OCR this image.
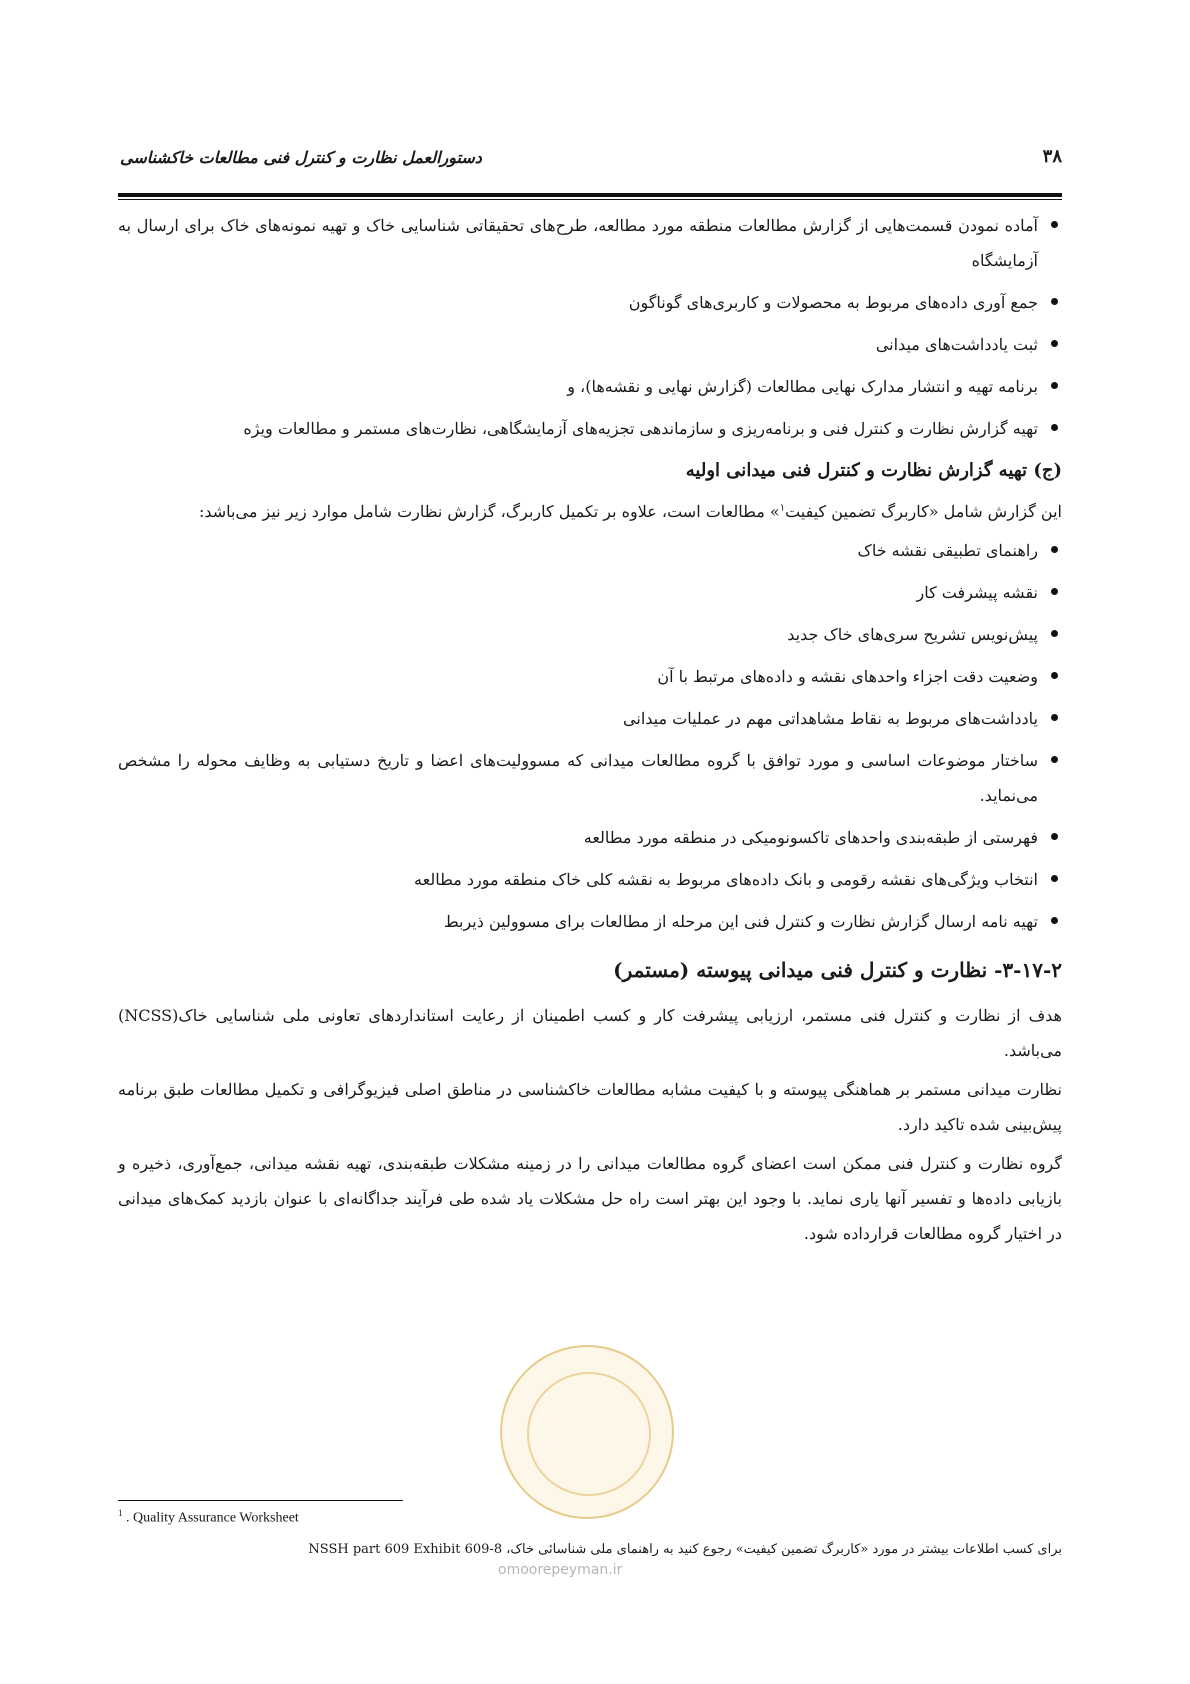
۳۸
دستورالعمل نظارت و کنترل فنی مطالعات خاکشناسی
آماده نمودن قسمت‌هایی از گزارش مطالعات منطقه مورد مطالعه، طرح‌های تحقیقاتی شناسایی خاک و تهیه نمونه‌های خاک برای ارسال به آزمایشگاه
جمع آوری داده‌های مربوط به محصولات و کاربری‌های گوناگون
ثبت یادداشت‌های میدانی
برنامه تهیه و انتشار مدارک نهایی مطالعات (گزارش نهایی و نقشه‌ها)، و
تهیه گزارش نظارت و کنترل فنی و برنامه‌ریزی و سازماندهی تجزیه‌های آزمایشگاهی، نظارت‌های مستمر و مطالعات ویژه
(ج) تهیه گزارش نظارت و کنترل فنی میدانی اولیه

این گزارش شامل «کاربرگ تضمین کیفیت$^۱$» مطالعات است، علاوه بر تکمیل کاربرگ، گزارش نظارت شامل موارد زیر نیز می‌باشد:

راهنمای تطبیقی نقشه خاک
نقشه پیشرفت کار
پیش‌نویس تشریح سری‌های خاک جدید
وضعیت دقت اجزاء واحدهای نقشه و داده‌های مرتبط با آن
یادداشت‌های مربوط به نقاط مشاهداتی مهم در عملیات میدانی
ساختار موضوعات اساسی و مورد توافق با گروه مطالعات میدانی که مسوولیت‌های اعضا و تاریخ دستیابی به وظایف محوله را مشخص می‌نماید.
فهرستی از طبقه‌بندی واحدهای تاکسونومیکی در منطقه مورد مطالعه
انتخاب ویژگی‌های نقشه رقومی و بانک داده‌های مربوط به نقشه کلی خاک منطقه مورد مطالعه
تهیه نامه ارسال گزارش نظارت و کنترل فنی این مرحله از مطالعات برای مسوولین ذیربط
۳-۱۷-۲- نظارت و کنترل فنی میدانی پیوسته (مستمر)

هدف از نظارت و کنترل فنی مستمر، ارزیابی پیشرفت کار و کسب اطمینان از رعایت استانداردهای تعاونی ملی شناسایی خاک(NCSS) می‌باشد.

نظارت میدانی مستمر بر هماهنگی پیوسته و با کیفیت مشابه مطالعات خاکشناسی در مناطق اصلی فیزیوگرافی و تکمیل مطالعات طبق برنامه پیش‌بینی شده تاکید دارد.

گروه نظارت و کنترل فنی ممکن است اعضای گروه مطالعات میدانی را در زمینه مشکلات طبقه‌بندی، تهیه نقشه میدانی، جمع‌آوری، ذخیره و بازیابی داده‌ها و تفسیر آنها یاری نماید. با وجود این بهتر است راه حل مشکلات یاد شده طی فرآیند جداگانه‌ای با عنوان بازدید کمک‌های میدانی در اختیار گروه مطالعات قرارداده شود.

$^1$ . Quality Assurance Worksheet
برای کسب اطلاعات بیشتر در مورد «کاربرگ تضمین کیفیت» رجوع کنید به راهنمای ملی شناسائی خاک، NSSH part 609 Exhibit 609-8
omoorepeyman.ir
